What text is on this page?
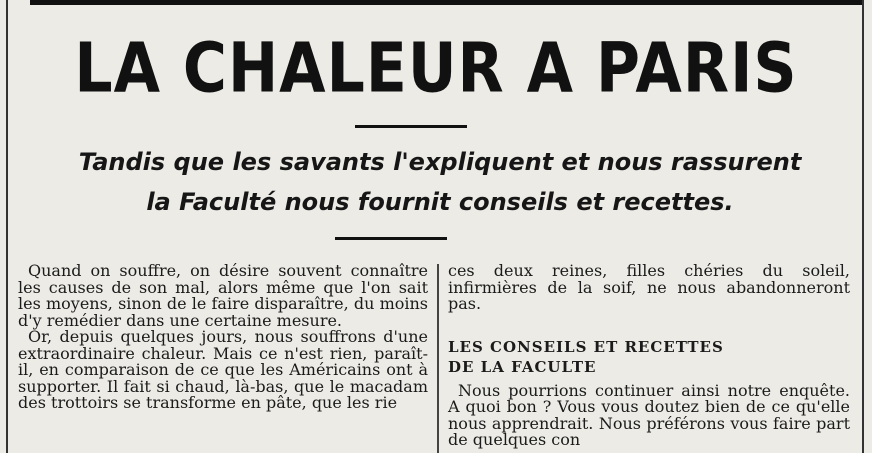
LA CHALEUR A PARIS
Tandis que les savants l'expliquent et nous rassurent
la Faculté nous fournit conseils et recettes.

Quand on souffre, on désire souvent connaître les causes de son mal, alors même que l'on sait les moyens, sinon de le faire disparaître, du moins d'y remédier dans une certaine mesure.

Or, depuis quelques jours, nous souffrons d'une extraordinaire chaleur. Mais ce n'est rien, paraît-il, en comparaison de ce que les Américains ont à supporter. Il fait si chaud, là-bas, que le macadam des trottoirs se transforme en pâte, que les rie

ces deux reines, filles chéries du soleil, infirmières de la soif, ne nous abandonneront pas.

LES CONSEILS ET RECETTES
DE LA FACULTE

Nous pourrions continuer ainsi notre enquête. A quoi bon ? Vous vous doutez bien de ce qu'elle nous apprendrait. Nous préférons vous faire part de quelques con
